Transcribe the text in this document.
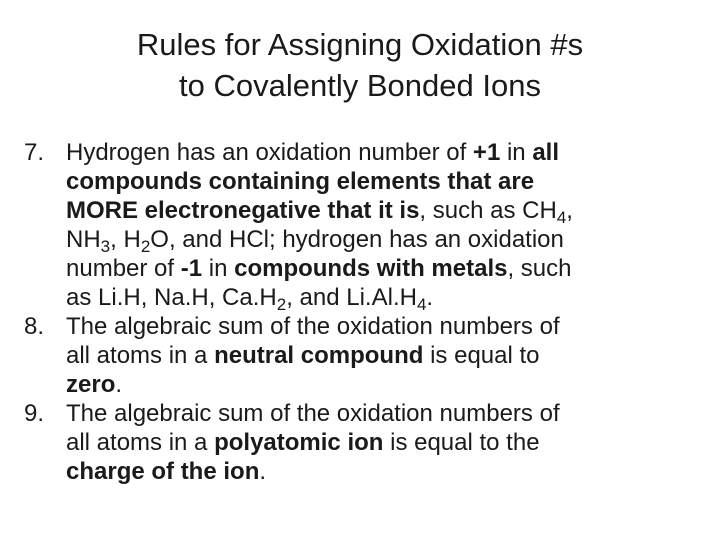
Rules for Assigning Oxidation #s
to Covalently Bonded Ions
7. Hydrogen has an oxidation number of +1 in all
compounds containing elements that are
MORE electronegative that it is, such as $CH_4$,
$NH_3$, $H_2O$, and HCl; hydrogen has an oxidation
number of -1 in compounds with metals, such
as Li.H, Na.H, $Ca.H_2$, and $Li.Al.H_4$.
8. The algebraic sum of the oxidation numbers of
all atoms in a neutral compound is equal to
zero.
9. The algebraic sum of the oxidation numbers of
all atoms in a polyatomic ion is equal to the
charge of the ion.
